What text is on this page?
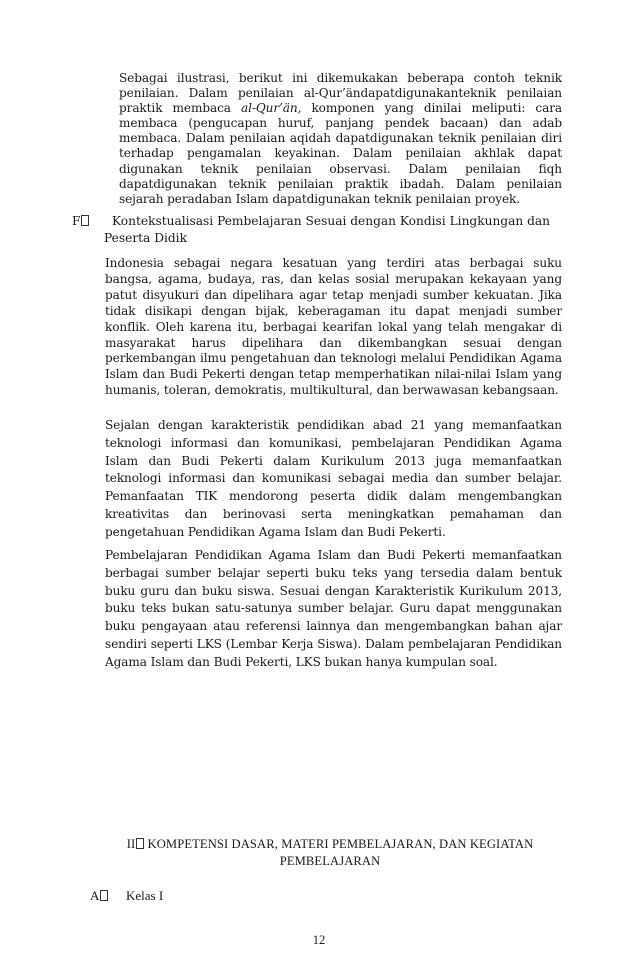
Sebagai ilustrasi, berikut ini dikemukakan beberapa contoh teknik penilaian. Dalam penilaian al-Qur’ändapatdigunakanteknik penilaian praktik membaca al-Qur’än, komponen yang dinilai meliputi: cara membaca (pengucapan huruf, panjang pendek bacaan) dan adab membaca. Dalam penilaian aqidah dapatdigunakan teknik penilaian diri terhadap pengamalan keyakinan. Dalam penilaian akhlak dapat digunakan teknik penilaian observasi. Dalam penilaian fiqh dapatdigunakan teknik penilaian praktik ibadah. Dalam penilaian sejarah peradaban Islam dapatdigunakan teknik penilaian proyek.

F	Kontekstualisasi Pembelajaran Sesuai dengan Kondisi Lingkungan dan Peserta Didik

Indonesia sebagai negara kesatuan yang terdiri atas berbagai suku bangsa, agama, budaya, ras, dan kelas sosial merupakan kekayaan yang patut disyukuri dan dipelihara agar tetap menjadi sumber kekuatan. Jika tidak disikapi dengan bijak, keberagaman itu dapat menjadi sumber konflik. Oleh karena itu, berbagai kearifan lokal yang telah mengakar di masyarakat harus dipelihara dan dikembangkan sesuai dengan perkembangan ilmu pengetahuan dan teknologi melalui Pendidikan Agama Islam dan Budi Pekerti dengan tetap memperhatikan nilai-nilai Islam yang humanis, toleran, demokratis, multikultural, dan berwawasan kebangsaan.

Sejalan dengan karakteristik pendidikan abad 21 yang memanfaatkan teknologi informasi dan komunikasi, pembelajaran Pendidikan Agama Islam dan Budi Pekerti dalam Kurikulum 2013 juga memanfaatkan teknologi informasi dan komunikasi sebagai media dan sumber belajar. Pemanfaatan TIK mendorong peserta didik dalam mengembangkan kreativitas dan berinovasi serta meningkatkan pemahaman dan pengetahuan Pendidikan Agama Islam dan Budi Pekerti.

Pembelajaran Pendidikan Agama Islam dan Budi Pekerti memanfaatkan berbagai sumber belajar seperti buku teks yang tersedia dalam bentuk buku guru dan buku siswa. Sesuai dengan Karakteristik Kurikulum 2013, buku teks bukan satu-satunya sumber belajar. Guru dapat menggunakan buku pengayaan atau referensi lainnya dan mengembangkan bahan ajar sendiri seperti LKS (Lembar Kerja Siswa). Dalam pembelajaran Pendidikan Agama Islam dan Budi Pekerti, LKS bukan hanya kumpulan soal.

II KOMPETENSI DASAR, MATERI PEMBELAJARAN, DAN KEGIATAN
PEMBELAJARAN
A Kelas I
12
